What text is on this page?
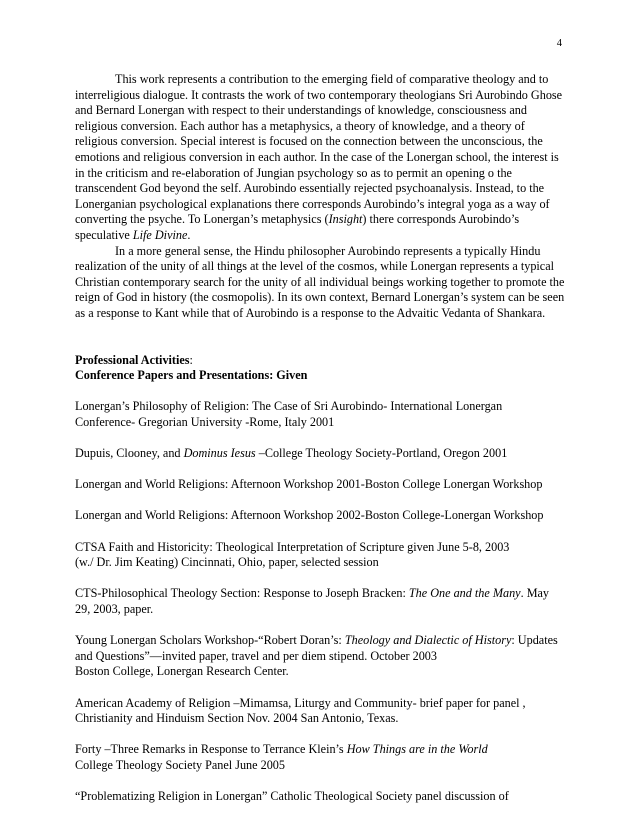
4

This work represents a contribution to the emerging field of comparative theology and to interreligious dialogue. It contrasts the work of two contemporary theologians Sri Aurobindo Ghose and Bernard Lonergan with respect to their understandings of knowledge, consciousness and religious conversion. Each author has a metaphysics, a theory of knowledge, and a theory of religious conversion. Special interest is focused on the connection between the unconscious, the emotions and religious conversion in each author. In the case of the Lonergan school, the interest is in the criticism and re-elaboration of Jungian psychology so as to permit an opening o the transcendent God beyond the self. Aurobindo essentially rejected psychoanalysis. Instead, to the Lonerganian psychological explanations there corresponds Aurobindo’s integral yoga as a way of converting the psyche. To Lonergan’s metaphysics (Insight) there corresponds Aurobindo’s speculative Life Divine.

In a more general sense, the Hindu philosopher Aurobindo represents a typically Hindu realization of the unity of all things at the level of the cosmos, while Lonergan represents a typical Christian contemporary search for the unity of all individual beings working together to promote the reign of God in history (the cosmopolis). In its own context, Bernard Lonergan’s system can be seen as a response to Kant while that of Aurobindo is a response to the Advaitic Vedanta of Shankara.

Professional Activities:

Conference Papers and Presentations: Given

Lonergan’s Philosophy of Religion: The Case of Sri Aurobindo- International Lonergan

Conference- Gregorian University -Rome, Italy 2001

Dupuis, Clooney, and Dominus Iesus –College Theology Society-Portland, Oregon 2001

Lonergan and World Religions: Afternoon Workshop 2001-Boston College Lonergan Workshop

Lonergan and World Religions: Afternoon Workshop 2002-Boston College-Lonergan Workshop

CTSA Faith and Historicity: Theological Interpretation of Scripture given June 5-8, 2003

(w./ Dr. Jim Keating) Cincinnati, Ohio, paper, selected session

CTS-Philosophical Theology Section: Response to Joseph Bracken: The One and the Many. May 29, 2003, paper.

Young Lonergan Scholars Workshop-“Robert Doran’s: Theology and Dialectic of History: Updates and Questions”—invited paper, travel and per diem stipend. October 2003

Boston College, Lonergan Research Center.

American Academy of Religion –Mimamsa, Liturgy and Community- brief paper for panel ,

Christianity and Hinduism Section Nov. 2004 San Antonio, Texas.

Forty –Three Remarks in Response to Terrance Klein’s How Things are in the World

College Theology Society Panel June 2005

“Problematizing Religion in Lonergan” Catholic Theological Society panel discussion of
